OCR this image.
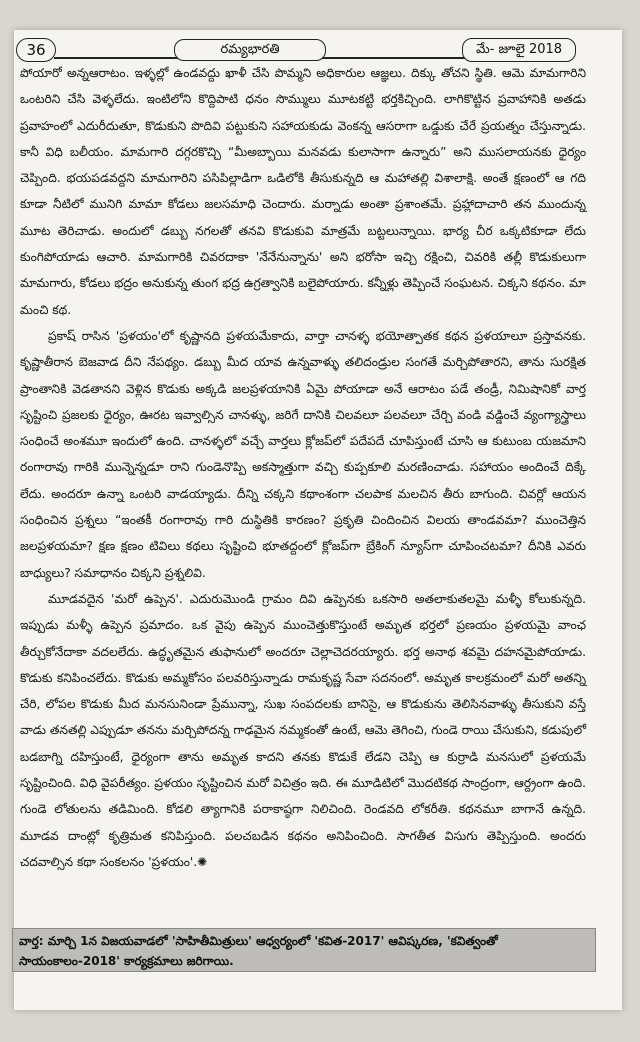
36	రమ్యభారతి	మే- జూలై 2018

పోయారో అన్నఆరాటం. ఇళ్ళల్లో ఉండవద్దు ఖాళీ చేసి పొమ్మని అధికారుల ఆజ్ఞలు. దిక్కు తోచని స్థితి. ఆమె మామగారిని ఒంటరిని చేసి వెళ్ళలేదు. ఇంటిలోని కొద్దిపాటి ధనం సొమ్ములు మూటకట్టి భర్తకిచ్చింది. లాగికొట్టిన ప్రవాహానికి అతడు ప్రవాహంలో ఎదురీదుతూ, కొడుకుని పొదివి పట్టుకుని సహాయకుడు వెంకన్న ఆసరాగా ఒడ్డుకు చేరే ప్రయత్నం చేస్తున్నాడు. కానీ విధి బలీయం. మామగారి దగ్గరకొచ్చి “మీఅబ్బాయి మనవడు కులాసాగా ఉన్నారు” అని ముసలాయనకు ధైర్యం చెప్పింది. భయపడవద్దని మామగారిని పసిపిల్లాడిగా ఒడిలోకి తీసుకున్నది ఆ మహాతల్లి విశాలాక్షి. అంతే క్షణంలో ఆ గది కూడా నీటిలో మునిగి మామా కోడలు జలసమాధి చెందారు. మర్నాడు అంతా ప్రశాంతమే. ప్రహ్లాదాచారి తన ముందున్న మూట తెరిచాడు. అందులో డబ్బు నగలతో తనవి కొడుకువి మాత్రమే బట్టలున్నాయి. భార్య చీర ఒక్కటికూడా లేదు కుంగిపోయాడు ఆచారి. మామగారికి చివరదాకా 'నేనేనున్నాను' అని భరోసా ఇచ్చి రక్షించి, చివరికి తల్లీ కొడుకులుగా మామగారు, కోడలు భద్రం అనుకున్న తుంగ భద్ర ఉగ్రత్వానికి బలైపోయారు. కన్నీళ్లు తెప్పించే సంఘటన. చిక్కని కథనం. మా మంచి కథ.

ప్రకాష్ రాసిన 'ప్రళయం'లో కృష్ణానది ప్రళయమేకాదు, వార్తా చానళ్ళ భయోత్పాతక కథన ప్రళయాలూ ప్రస్తావనకు. కృష్ణాతీరాన బెజవాడ దీని నేపథ్యం. డబ్బు మీద యావ ఉన్నవాళ్ళు తలిదండ్రుల సంగతే మర్చిపోతారని, తాను సురక్షిత ప్రాంతానికి వెడతానని వెళ్లిన కొడుకు అక్కడి జలప్రళయానికి ఏమై పోయాడా అనే ఆరాటం పడే తండ్రీ, నిమిషానికో వార్త సృష్టించి ప్రజలకు ధైర్యం, ఊరట ఇవ్వాల్సిన చానళ్ళు, జరిగే దానికి చిలవలూ పలవలూ చేర్చి వండి వడ్డించే వ్యంగ్యాస్త్రాలు సంధించే అంశమూ ఇందులో ఉంది. చానళ్ళలో వచ్చే వార్తలు క్లోజప్‌లో పదేపదే చూపిస్తుంటే చూసి ఆ కుటుంబ యజమాని రంగారావు గారికి మున్నెన్నడూ రాని గుండెనొప్పి అకస్మాత్తుగా వచ్చి కుప్పకూలి మరణించాడు. సహాయం అందించే దిక్కే లేదు. అందరూ ఉన్నా ఒంటరి వాడయ్యాడు. దీన్ని చక్కని కథాంశంగా చలపాక మలచిన తీరు బాగుంది. చివర్లో ఆయన సంధించిన ప్రశ్నలు “ఇంతకీ రంగారావు గారి దుస్థితికి కారణం? ప్రకృతి చిందించిన విలయ తాండవమా? ముంచెత్తిన జలప్రళయమా? క్షణ క్షణం టివిలు కథలు సృష్టించి భూతద్దంలో క్లోజప్‌గా బ్రేకింగ్ న్యూస్‌గా చూపించటమా? దీనికి ఎవరు బాధ్యులు? సమాధానం చిక్కని ప్రశ్నలివి.

మూడవదైన 'మరో ఉప్పెన'. ఎదురుమొండి గ్రామం దివి ఉప్పెనకు ఒకసారి అతలాకుతలమై మళ్ళీ కోలుకున్నది. ఇప్పుడు మళ్ళీ ఉప్పెన ప్రమాదం. ఒక వైపు ఉప్పెన ముంచెత్తుకొస్తుంటే అమృత భర్తలో ప్రణయం ప్రళయమై వాంఛ తీర్చుకోనేదాకా వదలలేదు. ఉద్ధృతమైన తుఫానులో అందరూ చెల్లాచెదరయ్యారు. భర్త అనాథ శవమై దహనమైపోయాడు. కొడుకు కనిపించలేదు. కొడుకు అమ్మకోసం పలవరిస్తున్నాడు రామకృష్ణ సేవా సదనంలో. అమృత కాలక్రమంలో మరో అతన్ని చేరి, లోపల కొడుకు మీద మనసునిండా ప్రేమున్నా, సుఖ సంపదలకు బానిసై, ఆ కొడుకును తెలిసినవాళ్ళు తీసుకుని వస్తే వాడు తనతల్లి ఎప్పుడూ తనను మర్చిపోదన్న గాఢమైన నమ్మకంతో ఉంటే, ఆమె తెగించి, గుండె రాయి చేసుకుని, కడుపులో బడబాగ్ని దహిస్తుంటే, ధైర్యంగా తాను అమృత కాదని తనకు కొడుకే లేడని చెప్పి ఆ కుర్రాడి మనసులో ప్రళయమే సృష్టించింది. విధి వైపరీత్యం. ప్రళయం సృష్టించిన మరో విచిత్రం ఇది. ఈ మూడిటిలో మొదటికథ సాంద్రంగా, ఆర్ద్రంగా ఉంది. గుండె లోతులను తడిమింది. కోడలి త్యాగానికి పరాకాష్ఠగా నిలిచింది. రెండవది లోకరీతి. కథనమూ బాగానే ఉన్నది. మూడవ దాంట్లో కృత్రిమత కనిపిస్తుంది. పలచబడిన కథనం అనిపించింది. సాగతీత విసుగు తెప్పిస్తుంది. అందరు చదవాల్సిన కథా సంకలనం 'ప్రళయం'.✺

వార్త: మార్చి 1న విజయవాడలో 'సాహితీమిత్రులు' ఆధ్వర్యంలో 'కవిత-2017' ఆవిష్కరణ, 'కవిత్వంతో సాయంకాలం-2018' కార్యక్రమాలు జరిగాయి.
